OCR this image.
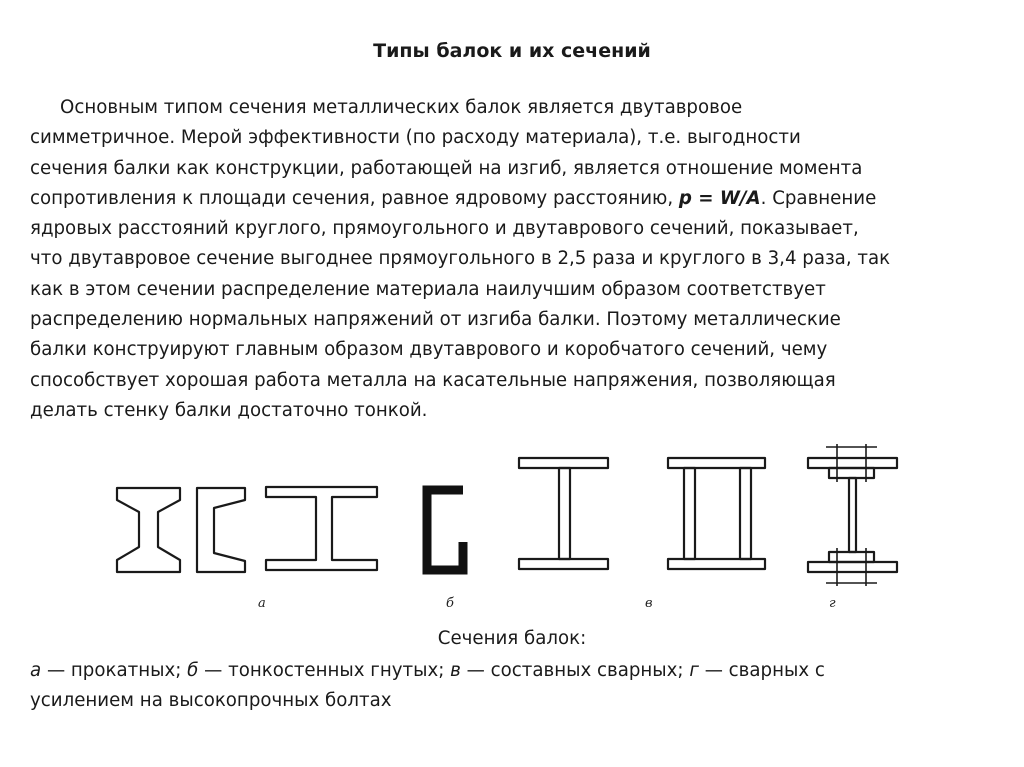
Типы балок и их сечений
Основным типом сечения металлических балок является двутавровое
симметричное. Мерой эффективности (по расходу материала), т.е. выгодности
сечения балки как конструкции, работающей на изгиб, является отношение момента
сопротивления к площади сечения, равное ядровому расстоянию, p = W/A. Сравнение
ядровых расстояний круглого, прямоугольного и двутаврового сечений, показывает,
что двутавровое сечение выгоднее прямоугольного в 2,5 раза и круглого в 3,4 раза, так
как в этом сечении распределение материала наилучшим образом соответствует
распределению нормальных напряжений от изгиба балки. Поэтому металлические
балки конструируют главным образом двутаврового и коробчатого сечений, чему
способствует хорошая работа металла на касательные напряжения, позволяющая
делать стенку балки достаточно тонкой.
а	б	в	г

Сечения балок:

а — прокатных; б — тонкостенных гнутых; в — составных сварных; г — сварных с

усилением на высокопрочных болтах
